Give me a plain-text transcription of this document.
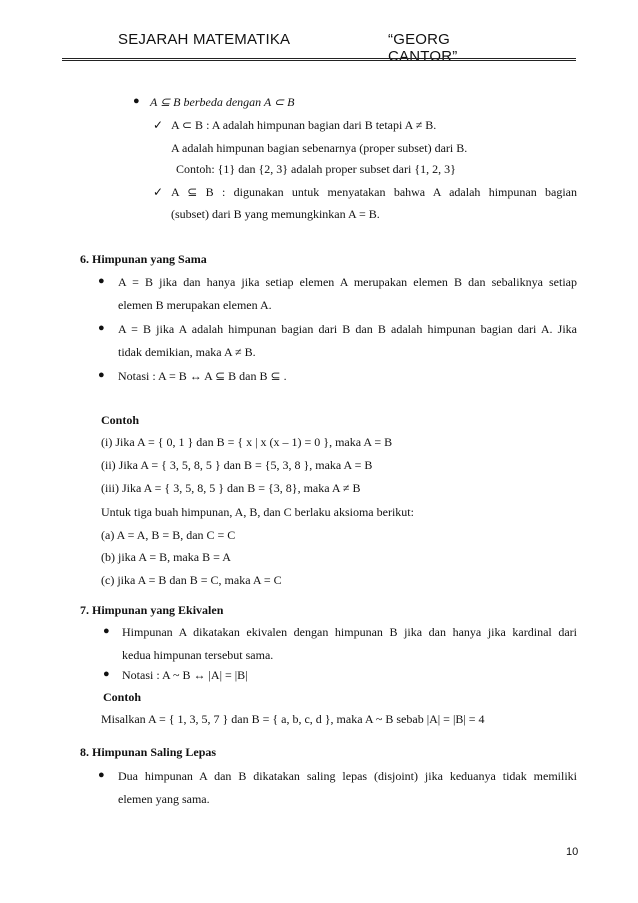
SEJARAH MATEMATIKA	“GEORG CANTOR”
● A ⊆ B berbeda dengan A ⊂ B
✓ A ⊂ B : A adalah himpunan bagian dari B tetapi A ≠ B.
A adalah himpunan bagian sebenarnya (proper subset) dari B.
Contoh: {1} dan {2, 3} adalah proper subset dari {1, 2, 3}
✓ A ⊆ B : digunakan untuk menyatakan bahwa A adalah himpunan bagian
(subset) dari B yang memungkinkan A = B.
6. Himpunan yang Sama
● A = B jika dan hanya jika setiap elemen A merupakan elemen B dan sebaliknya setiap
elemen B merupakan elemen A.
● A = B jika A adalah himpunan bagian dari B dan B adalah himpunan bagian dari A. Jika
tidak demikian, maka A ≠ B.
● Notasi : A = B ↔ A ⊆ B dan B ⊆ .
Contoh
(i) Jika A = { 0, 1 } dan B = { x | x (x – 1) = 0 }, maka A = B
(ii) Jika A = { 3, 5, 8, 5 } dan B = {5, 3, 8 }, maka A = B
(iii) Jika A = { 3, 5, 8, 5 } dan B = {3, 8}, maka A ≠ B
Untuk tiga buah himpunan, A, B, dan C berlaku aksioma berikut:
(a) A = A, B = B, dan C = C
(b) jika A = B, maka B = A
(c) jika A = B dan B = C, maka A = C
7. Himpunan yang Ekivalen
● Himpunan A dikatakan ekivalen dengan himpunan B jika dan hanya jika kardinal dari
kedua himpunan tersebut sama.
● Notasi : A ~ B ↔ |A| = |B|
Contoh
Misalkan A = { 1, 3, 5, 7 } dan B = { a, b, c, d }, maka A ~ B sebab |A| = |B| = 4
8. Himpunan Saling Lepas
● Dua himpunan A dan B dikatakan saling lepas (disjoint) jika keduanya tidak memiliki
elemen yang sama.
10
